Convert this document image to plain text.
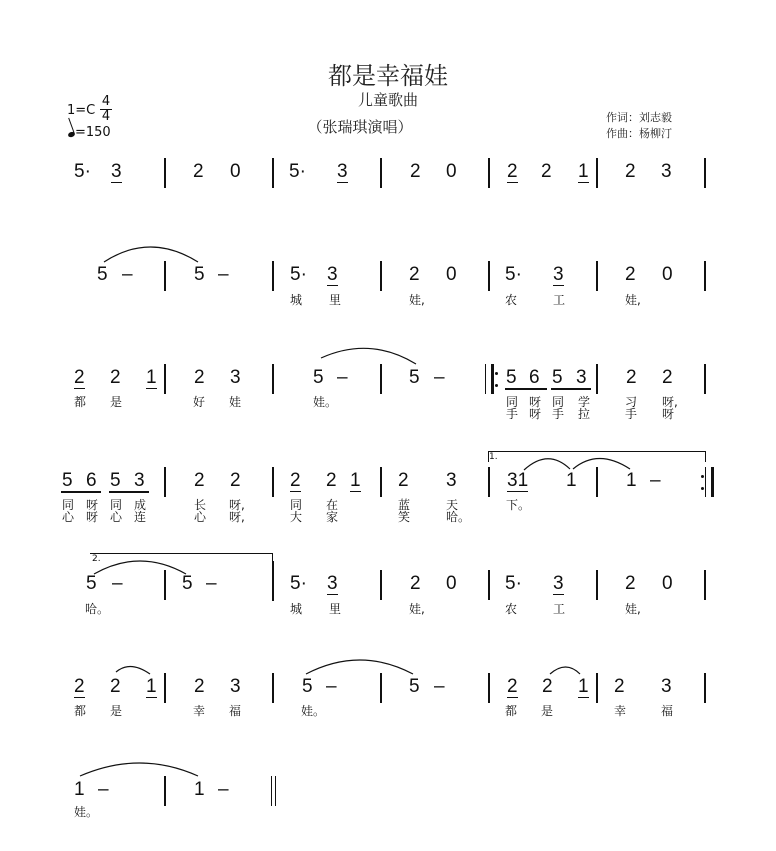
都是幸福娃
儿童歌曲
（张瑞琪演唱）
作词：刘志毅
作曲：杨柳汀
1=C
4
4
=150
5· 3	2 0	5· 3	2 0	2 2 1 2 3
5 –	5 –	5· 3	2 0	5· 3	2 0
城 里	娃,	农	工	娃,
2 2 1 2 3	5 –	5 –	5 6 5 3 2 2
都 是	好 娃	娃。	同 呀 同 学	习 呀,
手 呀 手 拉	手 呀
5 6 5 3	2 2	2 2 1 2 3
1.
31 1	1 –
同 呀 同 成	长 呀,	同 在	蓝	天	下。
心 呀 心 连	心 呀,	大 家	笑	哈。
2.
5 –	5 –	5· 3	2 0	5· 3	2 0
哈。	城 里	娃,	农	工	娃,
2 2 1 2 3	5 –	5 –	2 2 1 2 3
都 是	幸 福	娃。	都 是	幸	福
1 –	1 –
娃。
